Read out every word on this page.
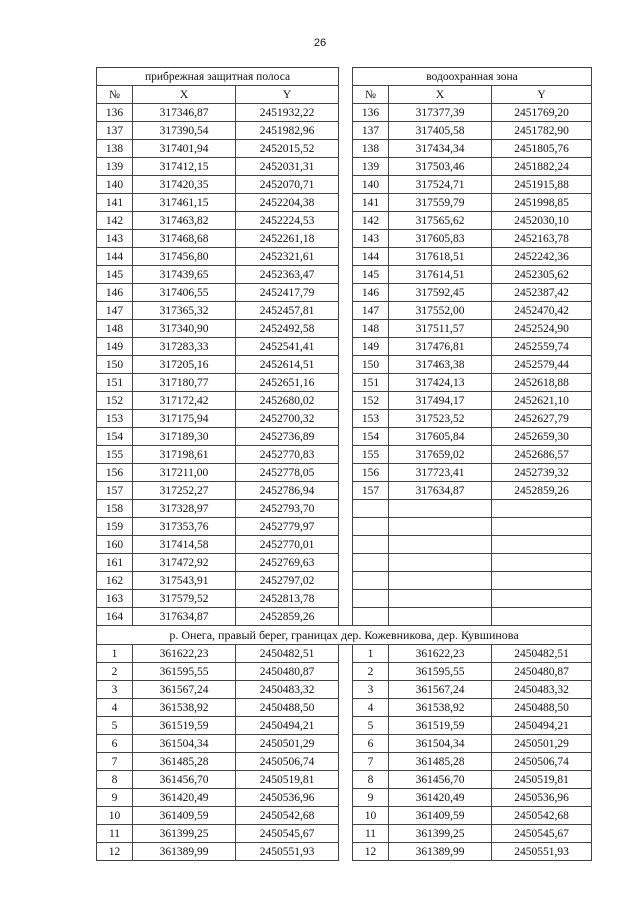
26
прибрежная защитная полоса				водоохранная зона		
№	X	Y		№	X	Y
136	317346,87	2451932,22		136	317377,39	2451769,20
137	317390,54	2451982,96		137	317405,58	2451782,90
138	317401,94	2452015,52		138	317434,34	2451805,76
139	317412,15	2452031,31		139	317503,46	2451882,24
140	317420,35	2452070,71		140	317524,71	2451915,88
141	317461,15	2452204,38		141	317559,79	2451998,85
142	317463,82	2452224,53		142	317565,62	2452030,10
143	317468,68	2452261,18		143	317605,83	2452163,78
144	317456,80	2452321,61		144	317618,51	2452242,36
145	317439,65	2452363,47		145	317614,51	2452305,62
146	317406,55	2452417,79		146	317592,45	2452387,42
147	317365,32	2452457,81		147	317552,00	2452470,42
148	317340,90	2452492,58		148	317511,57	2452524,90
149	317283,33	2452541,41		149	317476,81	2452559,74
150	317205,16	2452614,51		150	317463,38	2452579,44
151	317180,77	2452651,16		151	317424,13	2452618,88
152	317172,42	2452680,02		152	317494,17	2452621,10
153	317175,94	2452700,32		153	317523,52	2452627,79
154	317189,30	2452736,89		154	317605,84	2452659,30
155	317198,61	2452770,83		155	317659,02	2452686,57
156	317211,00	2452778,05		156	317723,41	2452739,32
157	317252,27	2452786,94		157	317634,87	2452859,26
158	317328,97	2452793,70				
159	317353,76	2452779,97				
160	317414,58	2452770,01				
161	317472,92	2452769,63				
162	317543,91	2452797,02				
163	317579,52	2452813,78				
164	317634,87	2452859,26				
р. Онега, правый берег, границах дер. Кожевникова, дер. Кувшинова						
1	361622,23	2450482,51		1	361622,23	2450482,51
2	361595,55	2450480,87		2	361595,55	2450480,87
3	361567,24	2450483,32		3	361567,24	2450483,32
4	361538,92	2450488,50		4	361538,92	2450488,50
5	361519,59	2450494,21		5	361519,59	2450494,21
6	361504,34	2450501,29		6	361504,34	2450501,29
7	361485,28	2450506,74		7	361485,28	2450506,74
8	361456,70	2450519,81		8	361456,70	2450519,81
9	361420,49	2450536,96		9	361420,49	2450536,96
10	361409,59	2450542,68		10	361409,59	2450542,68
11	361399,25	2450545,67		11	361399,25	2450545,67
12	361389,99	2450551,93		12	361389,99	2450551,93
